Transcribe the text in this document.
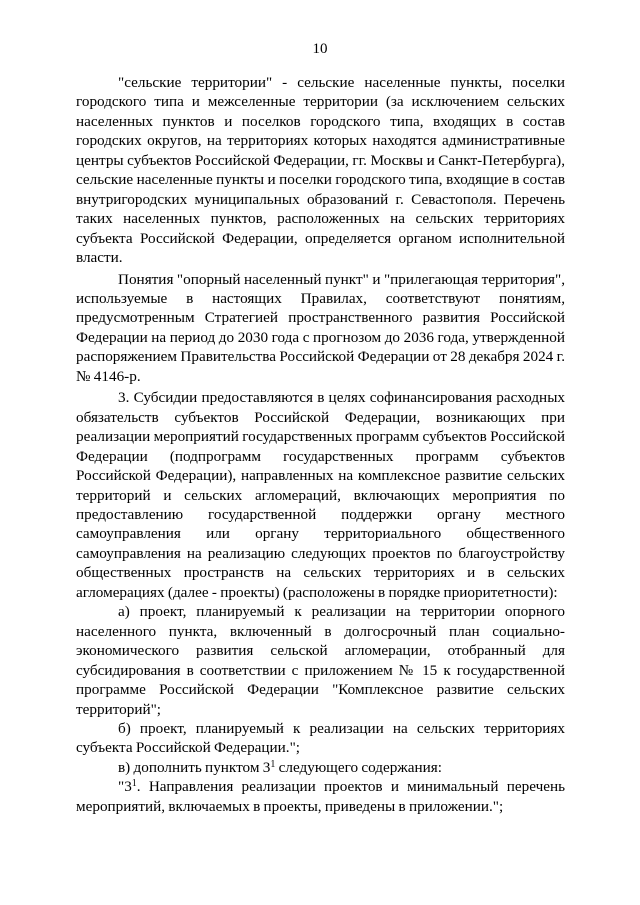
10

"сельские территории" - сельские населенные пункты, поселки городского типа и межселенные территории (за исключением сельских населенных пунктов и поселков городского типа, входящих в состав городских округов, на территориях которых находятся административные центры субъектов Российской Федерации, гг. Москвы и Санкт-Петербурга), сельские населенные пункты и поселки городского типа, входящие в состав внутригородских муниципальных образований г. Севастополя. Перечень таких населенных пунктов, расположенных на сельских территориях субъекта Российской Федерации, определяется органом исполнительной власти.

Понятия "опорный населенный пункт" и "прилегающая территория", используемые в настоящих Правилах, соответствуют понятиям, предусмотренным Стратегией пространственного развития Российской Федерации на период до 2030 года с прогнозом до 2036 года, утвержденной распоряжением Правительства Российской Федерации от 28 декабря 2024 г. № 4146-р.

3. Субсидии предоставляются в целях софинансирования расходных обязательств субъектов Российской Федерации, возникающих при реализации мероприятий государственных программ субъектов Российской Федерации (подпрограмм государственных программ субъектов Российской Федерации), направленных на комплексное развитие сельских территорий и сельских агломераций, включающих мероприятия по предоставлению государственной поддержки органу местного самоуправления или органу территориального общественного самоуправления на реализацию следующих проектов по благоустройству общественных пространств на сельских территориях и в сельских агломерациях (далее - проекты) (расположены в порядке приоритетности):

а) проект, планируемый к реализации на территории опорного населенного пункта, включенный в долгосрочный план социально-экономического развития сельской агломерации, отобранный для субсидирования в соответствии с приложением № 15 к государственной программе Российской Федерации "Комплексное развитие сельских территорий";

б) проект, планируемый к реализации на сельских территориях субъекта Российской Федерации.";

в) дополнить пунктом $3^1$ следующего содержания:

"$3^1$. Направления реализации проектов и минимальный перечень мероприятий, включаемых в проекты, приведены в приложении.";
